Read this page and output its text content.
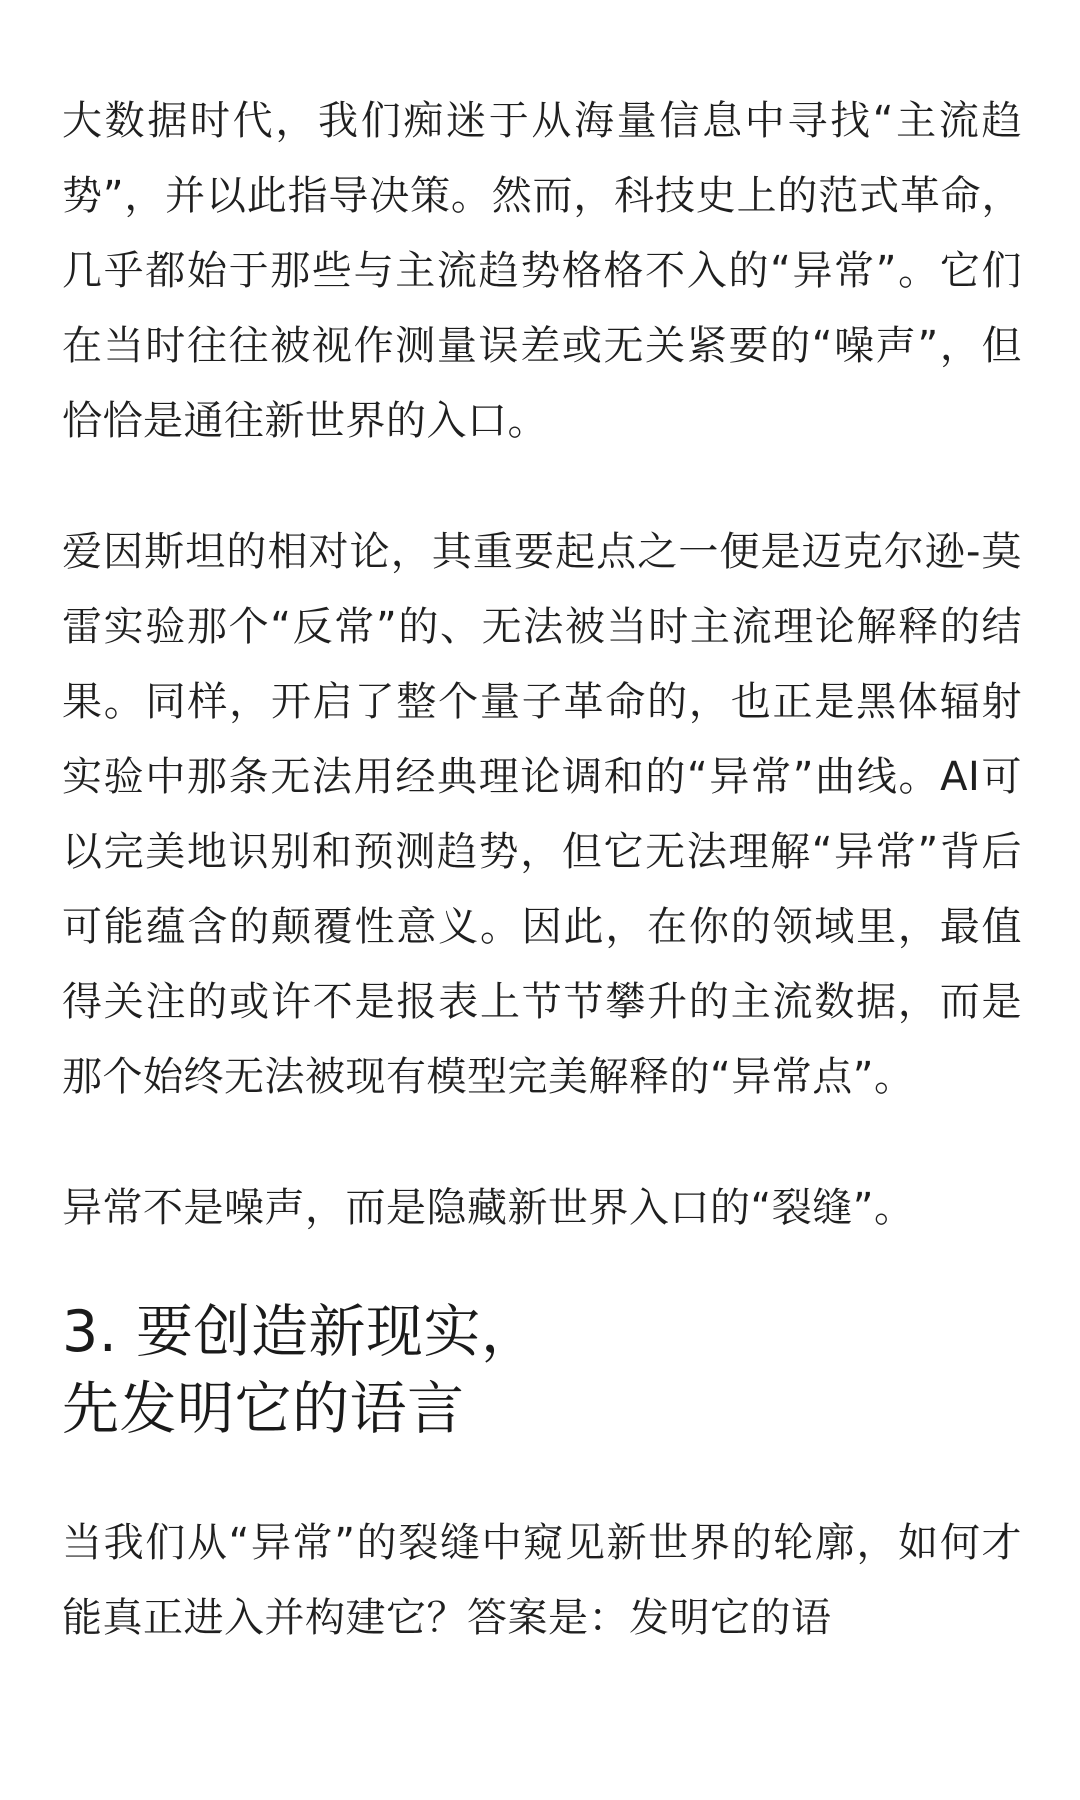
大数据时代，我们痴迷于从海量信息中寻找“主流趋势”，并以此指导决策。然而，科技史上的范式革命，几乎都始于那些与主流趋势格格不入的“异常”。它们在当时往往被视作测量误差或无关紧要的“噪声”，但恰恰是通往新世界的入口。

爱因斯坦的相对论，其重要起点之一便是迈克尔逊-莫雷实验那个“反常”的、无法被当时主流理论解释的结果。同样，开启了整个量子革命的，也正是黑体辐射实验中那条无法用经典理论调和的“异常”曲线。AI可以完美地识别和预测趋势，但它无法理解“异常”背后可能蕴含的颠覆性意义。因此，在你的领域里，最值得关注的或许不是报表上节节攀升的主流数据，而是那个始终无法被现有模型完美解释的“异常点”。

异常不是噪声，而是隐藏新世界入口的“裂缝”。

3. 要创造新现实，
先发明它的语言

当我们从“异常”的裂缝中窥见新世界的轮廓，如何才能真正进入并构建它？答案是：发明它的语
